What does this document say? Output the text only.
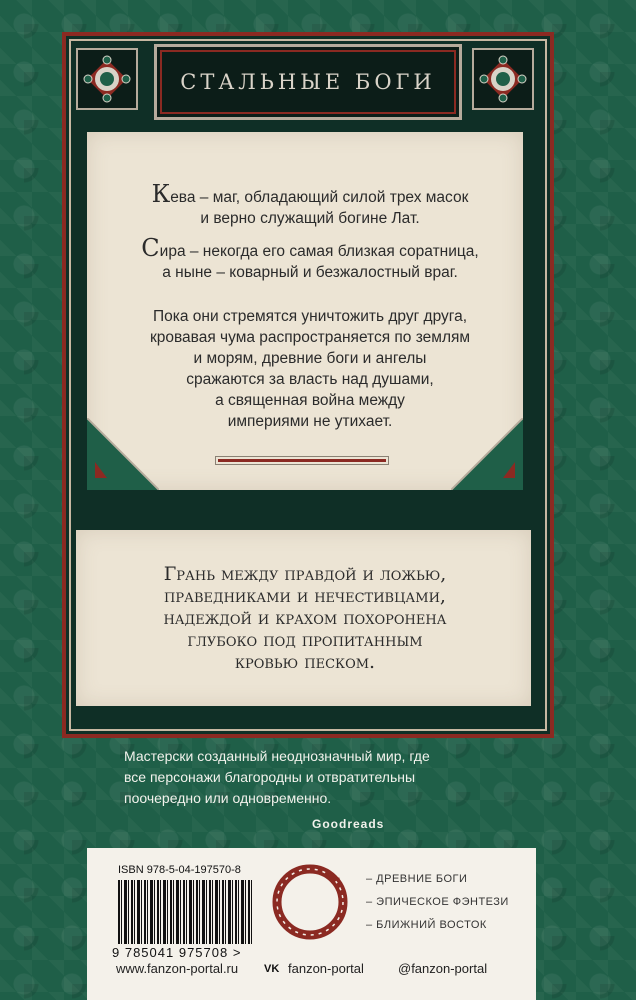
СТАЛЬНЫЕ БОГИ
Кева – маг, обладающий силой трех масок
и верно служащий богине Лат.
Сира – некогда его самая близкая соратница,
а ныне – коварный и безжалостный враг.
Пока они стремятся уничтожить друг друга,
кровавая чума распространяется по землям
и морям, древние боги и ангелы
сражаются за власть над душами,
а священная война между
империями не утихает.
Грань между правдой и ложью,
праведниками и нечестивцами,
надеждой и крахом похоронена
глубоко под пропитанным
кровью песком.
Мастерски созданный неоднозначный мир, где
все персонажи благородны и отвратительны
поочередно или одновременно.
Goodreads
ISBN 978-5-04-197570-8
9 785041 975708 >
– ДРЕВНИЕ БОГИ
– ЭПИЧЕСКОЕ ФЭНТЕЗИ
– БЛИЖНИЙ ВОСТОК
www.fanzon-portal.ru VK fanzon-portal	@fanzon-portal
